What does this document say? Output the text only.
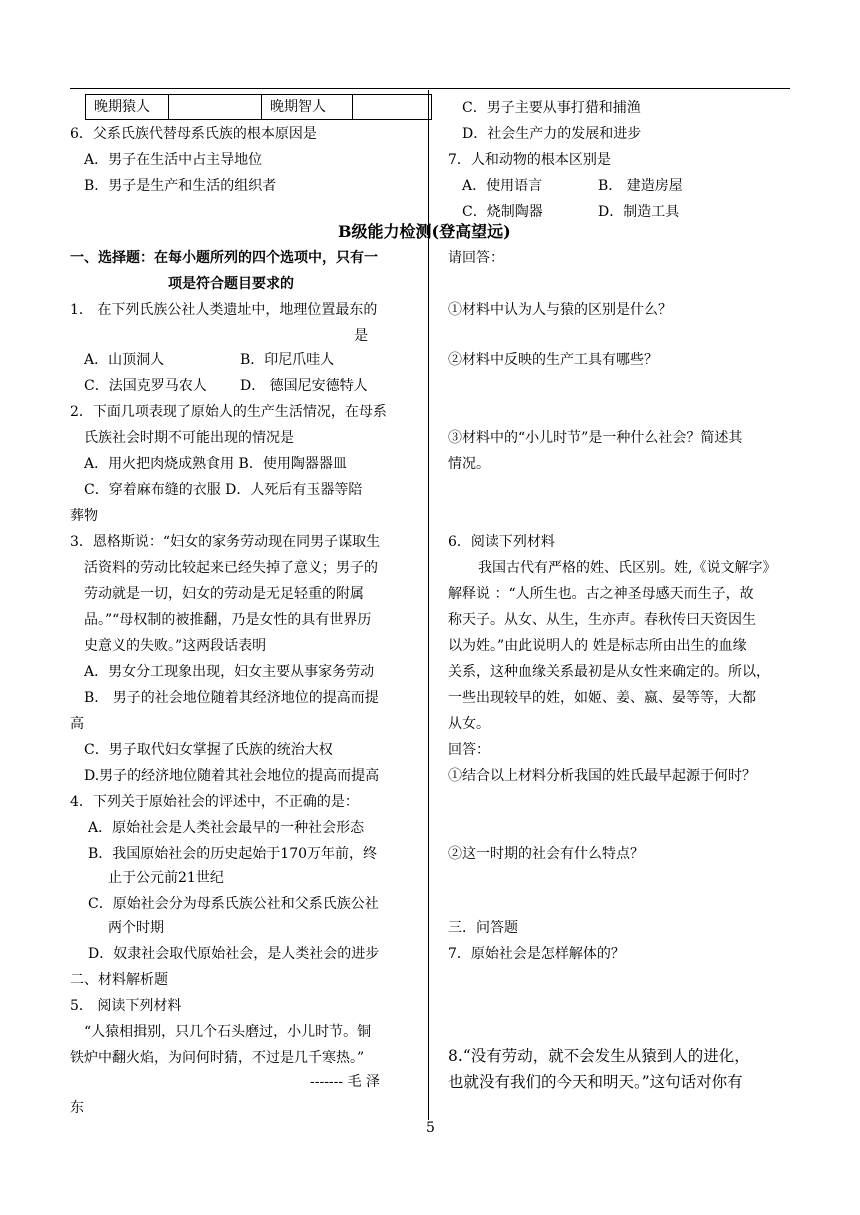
晚期猿人		晚期智人	
6．父系氏族代替母系氏族的根本原因是
A．男子在生活中占主导地位
B．男子是生产和生活的组织者
C．男子主要从事打猎和捕渔
D．社会生产力的发展和进步
7．人和动物的根本区别是
A．使用语言	B． 建造房屋
C．烧制陶器	D．制造工具
B级能力检测(登高望远)
一、选择题：在每小题所列的四个选项中，只有一
项是符合题目要求的
1． 在下列氏族公社人类遗址中，地理位置最东的
是
A．山顶洞人	B．印尼爪哇人
C．法国克罗马农人 D． 德国尼安德特人
2．下面几项表现了原始人的生产生活情况，在母系
氏族社会时期不可能出现的情况是
A．用火把肉烧成熟食用 B．使用陶器器皿
C．穿着麻布缝的衣服 D．人死后有玉器等陪
葬物
3．恩格斯说：“妇女的家务劳动现在同男子谋取生
活资料的劳动比较起来已经失掉了意义；男子的
劳动就是一切，妇女的劳动是无足轻重的附属
品。”“母权制的被推翻，乃是女性的具有世界历
史意义的失败。”这两段话表明
A．男女分工现象出现，妇女主要从事家务劳动
B． 男子的社会地位随着其经济地位的提高而提
高
C．男子取代妇女掌握了氏族的统治大权
D.男子的经济地位随着其社会地位的提高而提高
4．下列关于原始社会的评述中，不正确的是：
A．原始社会是人类社会最早的一种社会形态
B．我国原始社会的历史起始于170万年前，终
止于公元前21世纪
C．原始社会分为母系氏族公社和父系氏族公社
两个时期
D．奴隶社会取代原始社会，是人类社会的进步
二、材料解析题
5． 阅读下列材料
“人猿相揖别，只几个石头磨过，小儿时节。铜
铁炉中翻火焰，为问何时猜，不过是几千寒热。”
------- 毛 泽
东
请回答：
①材料中认为人与猿的区别是什么？
②材料中反映的生产工具有哪些？
③材料中的“小儿时节”是一种什么社会？简述其
情况。
6．阅读下列材料
我国古代有严格的姓、氏区别。姓,《说文解字》
解释说 ：“人所生也。古之神圣母感天而生子，故
称天子。从女、从生，生亦声。春秋传曰天资因生
以为姓。”由此说明人的 姓是标志所由出生的血缘
关系，这种血缘关系最初是从女性来确定的。所以，
一些出现较早的姓，如姬、姜、嬴、晏等等，大都
从女。
回答：
①结合以上材料分析我国的姓氏最早起源于何时？
②这一时期的社会有什么特点？
三．问答题
7．原始社会是怎样解体的？
8.“没有劳动，就不会发生从猿到人的进化，
也就没有我们的今天和明天。”这句话对你有
5
